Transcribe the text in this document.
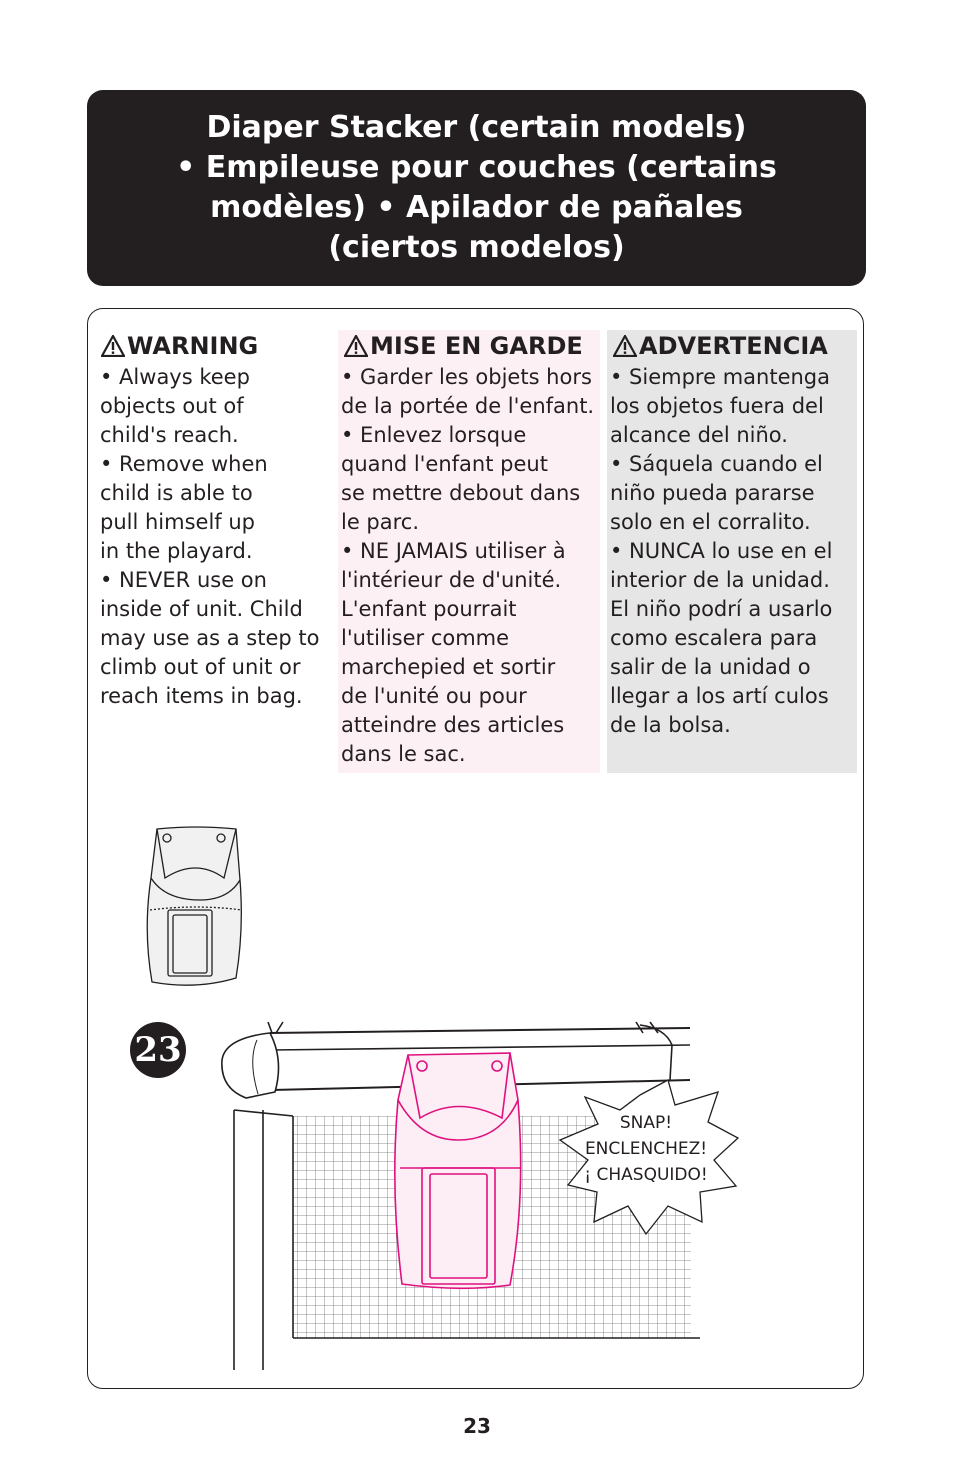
Diaper Stacker (certain models)
• Empileuse pour couches (certains
modèles) • Apilador de pañales
(ciertos modelos)
WARNING
• Always keep
objects out of
child's reach.
• Remove when
child is able to
pull himself up
in the playard.
• NEVER use on
inside of unit. Child
may use as a step to
climb out of unit or
reach items in bag.
MISE EN GARDE
• Garder les objets hors
de la portée de l'enfant.
• Enlevez lorsque
quand l'enfant peut
se mettre debout dans
le parc.
• NE JAMAIS utiliser à
l'intérieur de d'unité.
L'enfant pourrait
l'utiliser comme
marchepied et sortir
de l'unité ou pour
atteindre des articles
dans le sac.
ADVERTENCIA
• Siempre mantenga
los objetos fuera del
alcance del niño.
• Sáquela cuando el
niño pueda pararse
solo en el corralito.
• NUNCA lo use en el
interior de la unidad.
El niño podrí a usarlo
como escalera para
salir de la unidad o
llegar a los artí culos
de la bolsa.
23
SNAP!
ENCLENCHEZ!
¡ CHASQUIDO!
23
